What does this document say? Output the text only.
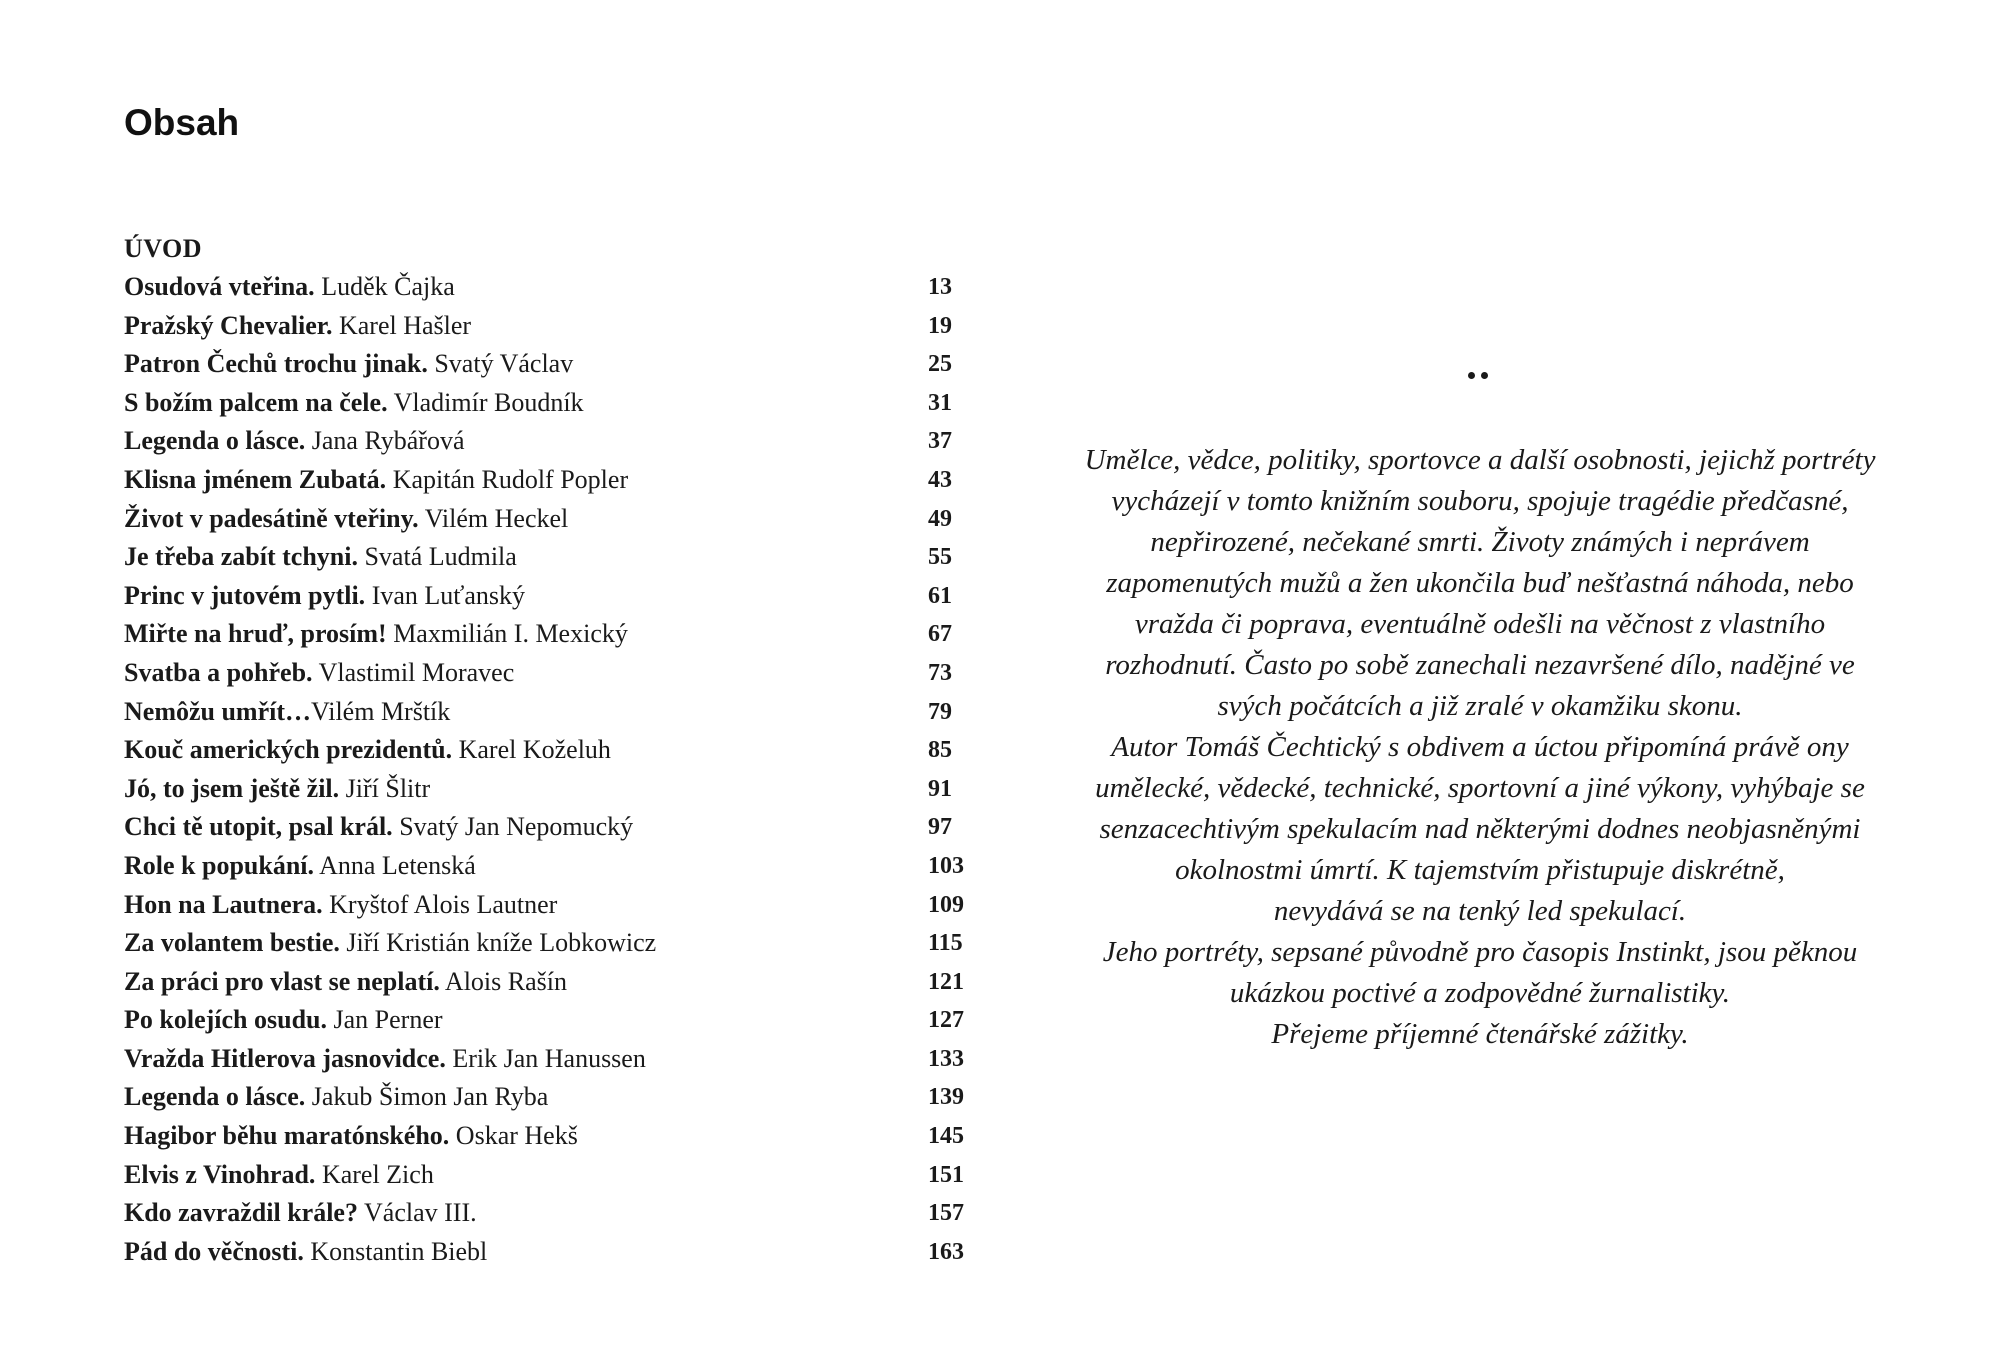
Obsah
ÚVOD
Osudová vteřina. Luděk Čajka	13
Pražský Chevalier. Karel Hašler	19
Patron Čechů trochu jinak. Svatý Václav	25
S božím palcem na čele. Vladimír Boudník	31
Legenda o lásce. Jana Rybářová	37
Klisna jménem Zubatá. Kapitán Rudolf Popler	43
Život v padesátině vteřiny. Vilém Heckel	49
Je třeba zabít tchyni. Svatá Ludmila	55
Princ v jutovém pytli. Ivan Luťanský	61
Miřte na hruď, prosím! Maxmilián I. Mexický	67
Svatba a pohřeb. Vlastimil Moravec	73
Nemôžu umřít…Vilém Mrštík	79
Kouč amerických prezidentů. Karel Koželuh	85
Jó, to jsem ještě žil. Jiří Šlitr	91
Chci tě utopit, psal král. Svatý Jan Nepomucký	97
Role k popukání. Anna Letenská	103
Hon na Lautnera. Kryštof Alois Lautner	109
Za volantem bestie. Jiří Kristián kníže Lobkowicz	115
Za práci pro vlast se neplatí. Alois Rašín	121
Po kolejích osudu. Jan Perner	127
Vražda Hitlerova jasnovidce. Erik Jan Hanussen	133
Legenda o lásce. Jakub Šimon Jan Ryba	139
Hagibor běhu maratónského. Oskar Hekš	145
Elvis z Vinohrad. Karel Zich	151
Kdo zavraždil krále? Václav III.	157
Pád do věčnosti. Konstantin Biebl	163

Umělce, vědce, politiky, sportovce a další osobnosti, jejichž portréty

vycházejí v tomto knižním souboru, spojuje tragédie předčasné,

nepřirozené, nečekané smrti. Životy známých i neprávem

zapomenutých mužů a žen ukončila buď nešťastná náhoda, nebo

vražda či poprava, eventuálně odešli na věčnost z vlastního

rozhodnutí. Často po sobě zanechali nezavršené dílo, nadějné ve

svých počátcích a již zralé v okamžiku skonu.

Autor Tomáš Čechtický s obdivem a úctou připomíná právě ony

umělecké, vědecké, technické, sportovní a jiné výkony, vyhýbaje se

senzacechtivým spekulacím nad některými dodnes neobjasněnými

okolnostmi úmrtí. K tajemstvím přistupuje diskrétně,

nevydává se na tenký led spekulací.

Jeho portréty, sepsané původně pro časopis Instinkt, jsou pěknou

ukázkou poctivé a zodpovědné žurnalistiky.

Přejeme příjemné čtenářské zážitky.
